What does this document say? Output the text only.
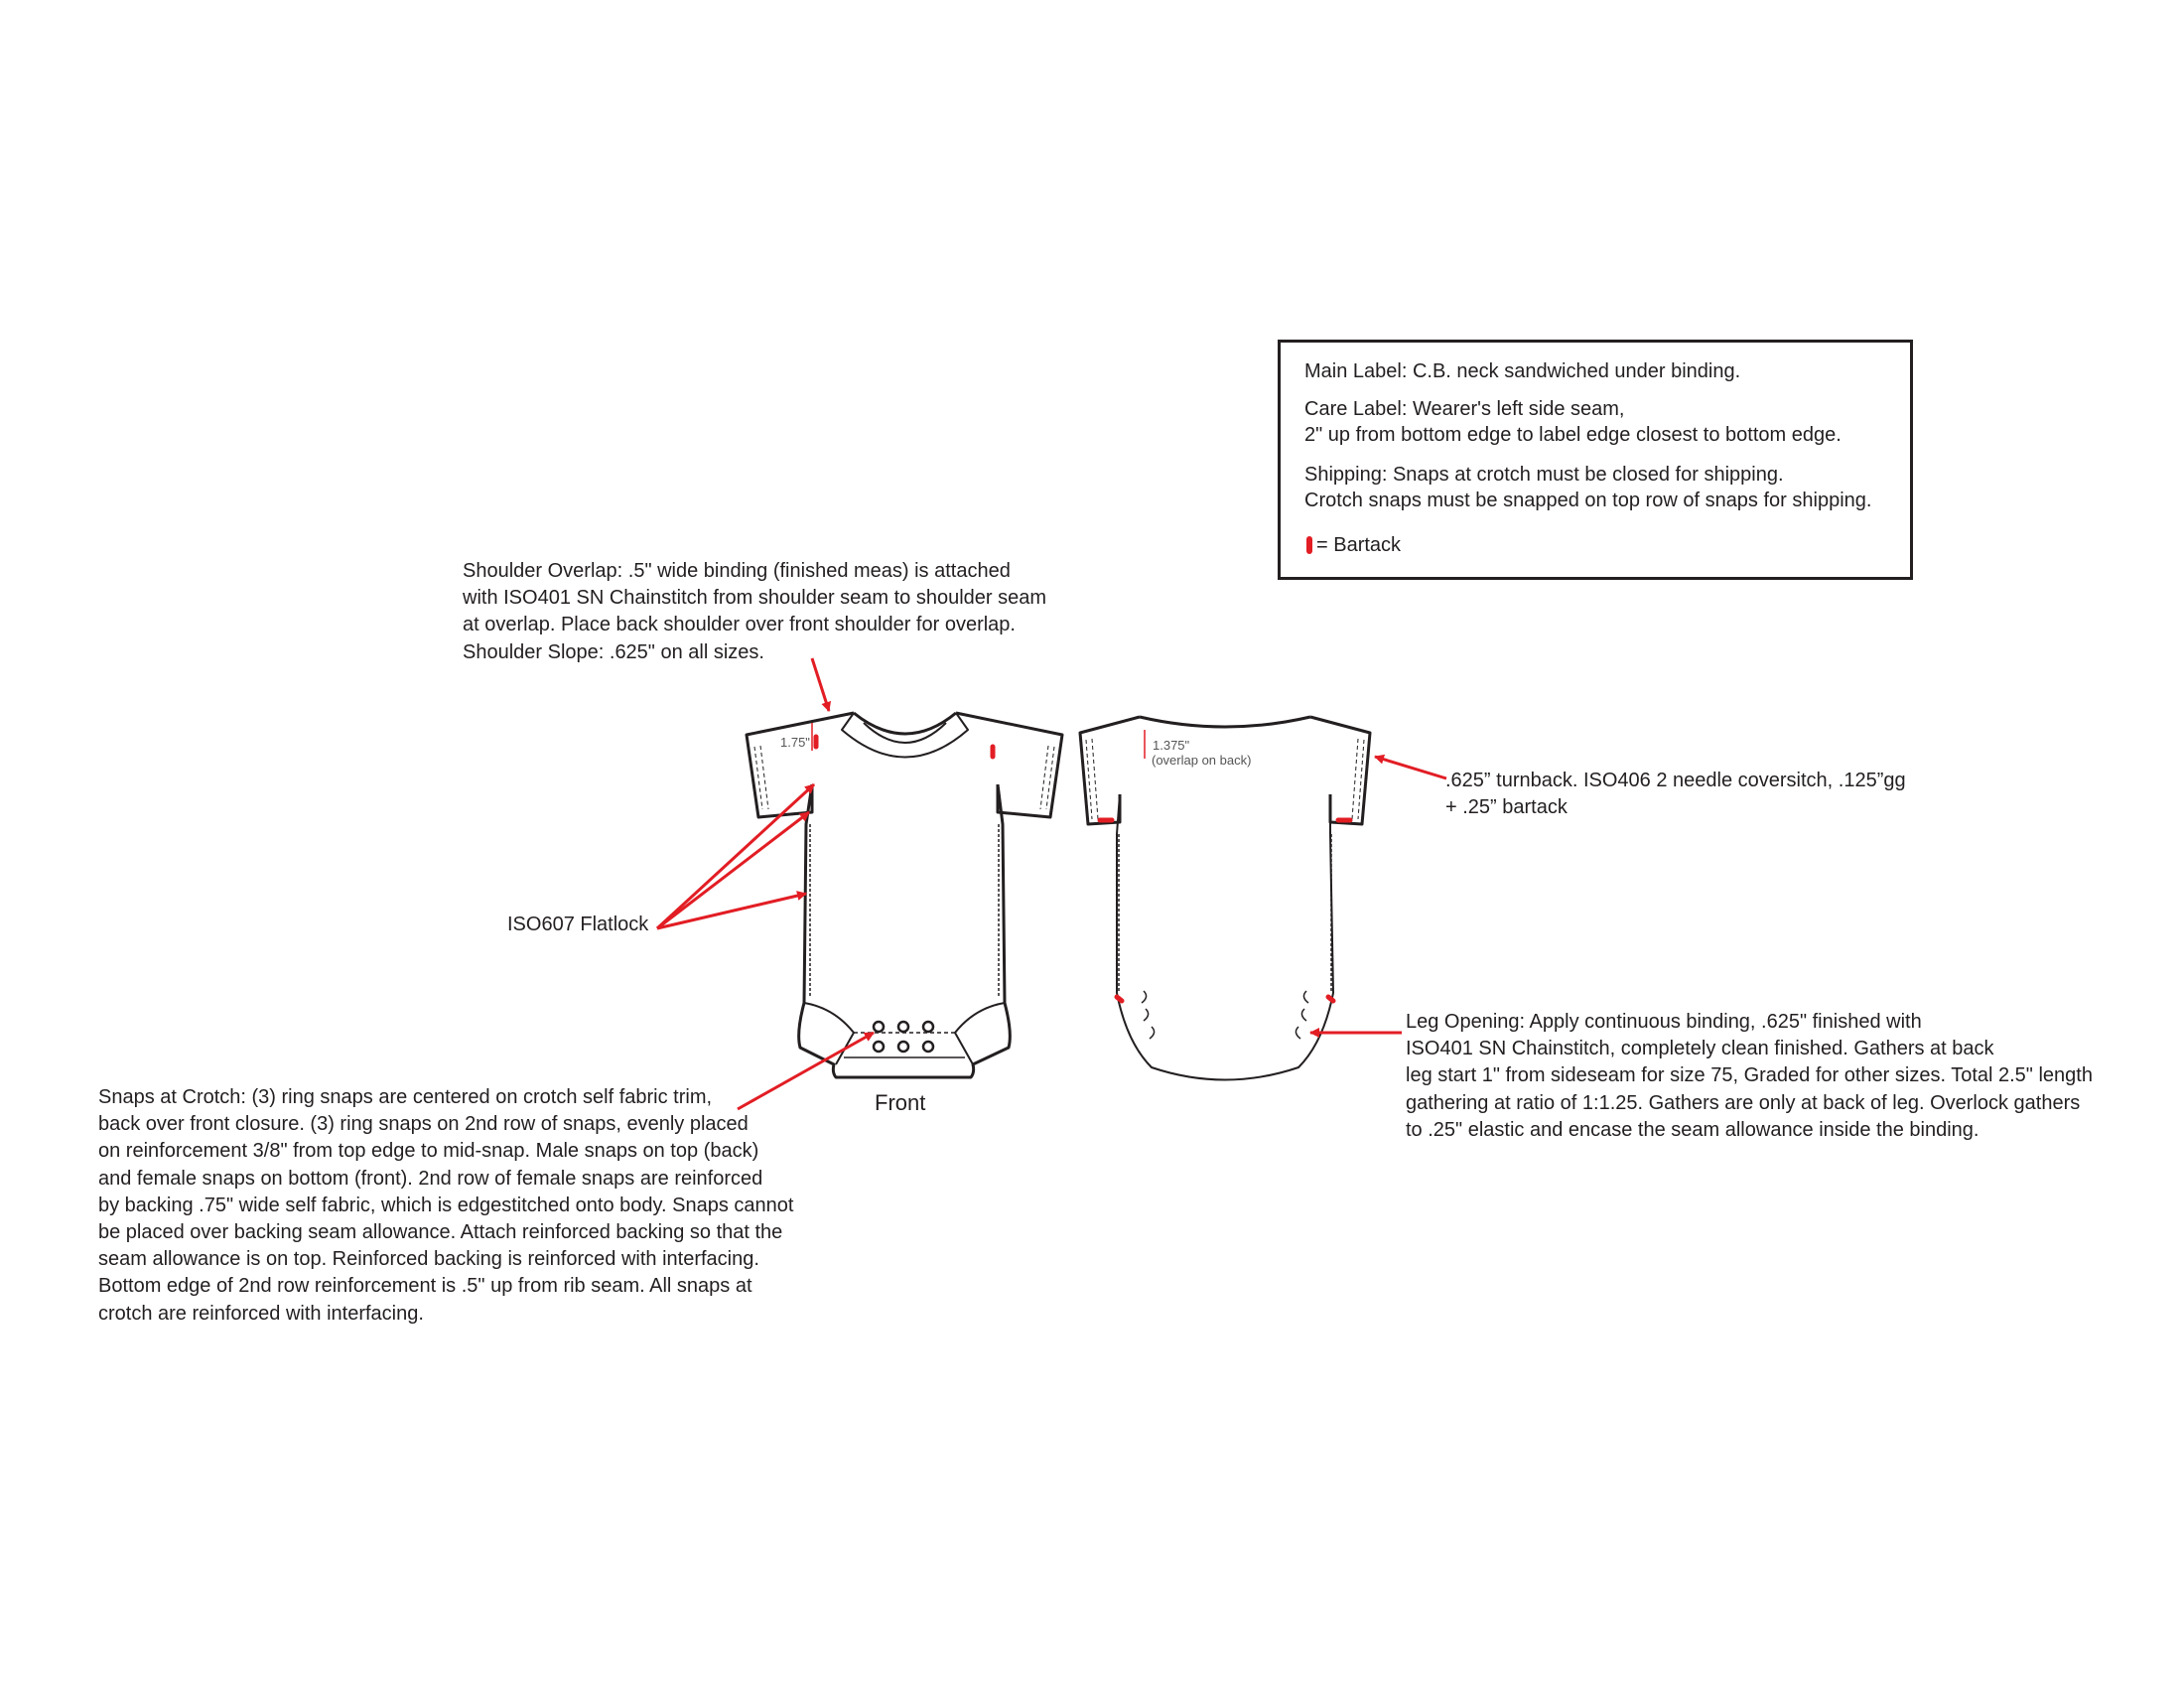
1.75"
Front
1.375"
(overlap on back)
Main Label: C.B. neck sandwiched under binding.
Care Label: Wearer's left side seam,
2" up from bottom edge to label edge closest to bottom edge.
Shipping: Snaps at crotch must be closed for shipping.
Crotch snaps must be snapped on top row of snaps for shipping.
= Bartack
Shoulder Overlap: .5" wide binding (finished meas) is attached
with ISO401 SN Chainstitch from shoulder seam to shoulder seam
at overlap. Place back shoulder over front shoulder for overlap.
Shoulder Slope: .625" on all sizes.
ISO607 Flatlock
.625” turnback. ISO406 2 needle coversitch, .125”gg
+ .25” bartack
Leg Opening: Apply continuous binding, .625" finished with
ISO401 SN Chainstitch, completely clean finished. Gathers at back
leg start 1" from sideseam for size 75, Graded for other sizes. Total 2.5" length
gathering at ratio of 1:1.25. Gathers are only at back of leg. Overlock gathers
to .25" elastic and encase the seam allowance inside the binding.
Snaps at Crotch: (3) ring snaps are centered on crotch self fabric trim,
back over front closure. (3) ring snaps on 2nd row of snaps, evenly placed
on reinforcement 3/8" from top edge to mid-snap. Male snaps on top (back)
and female snaps on bottom (front). 2nd row of female snaps are reinforced
by backing .75" wide self fabric, which is edgestitched onto body. Snaps cannot
be placed over backing seam allowance. Attach reinforced backing so that the
seam allowance is on top. Reinforced backing is reinforced with interfacing.
Bottom edge of 2nd row reinforcement is .5" up from rib seam. All snaps at
crotch are reinforced with interfacing.
